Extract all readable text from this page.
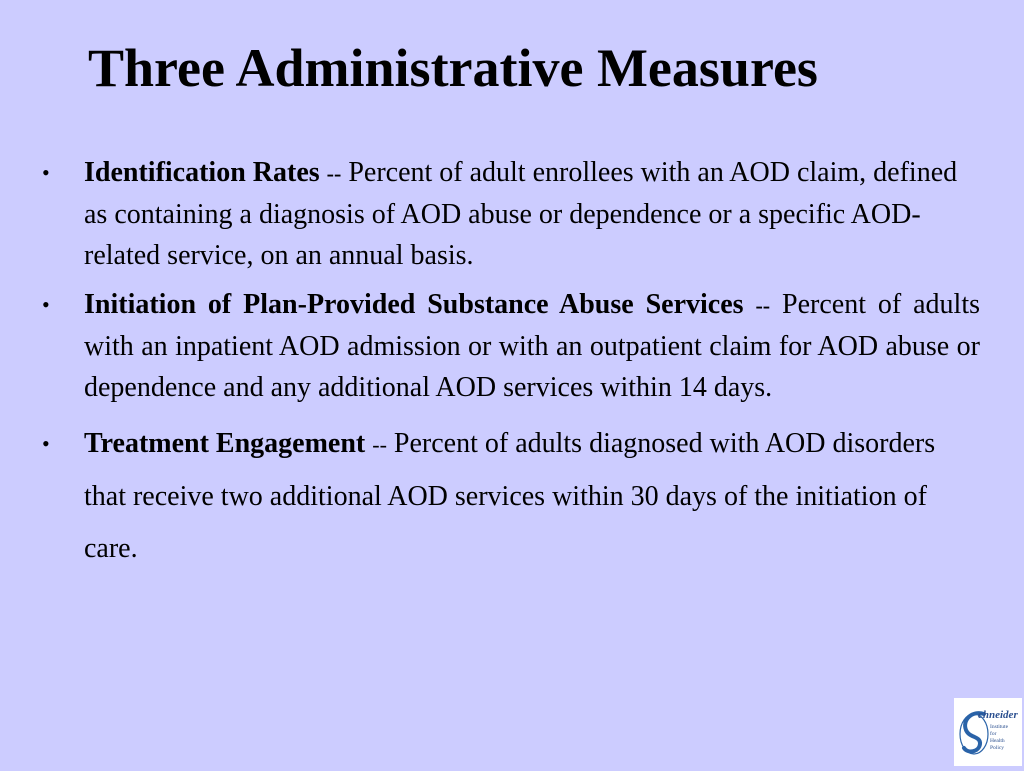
Three Administrative Measures
• Identification Rates -- Percent of adult enrollees with an AOD claim, defined as containing a diagnosis of AOD abuse or dependence or a specific AOD-related service, on an annual basis.
• Initiation of Plan-Provided Substance Abuse Services -- Percent of adults with an inpatient AOD admission or with an outpatient claim for AOD abuse or dependence and any additional AOD services within 14 days.
• Treatment Engagement -- Percent of adults diagnosed with AOD disorders that receive two additional AOD services within 30 days of the initiation of care.
chneider
Institute
for
Health
Policy
